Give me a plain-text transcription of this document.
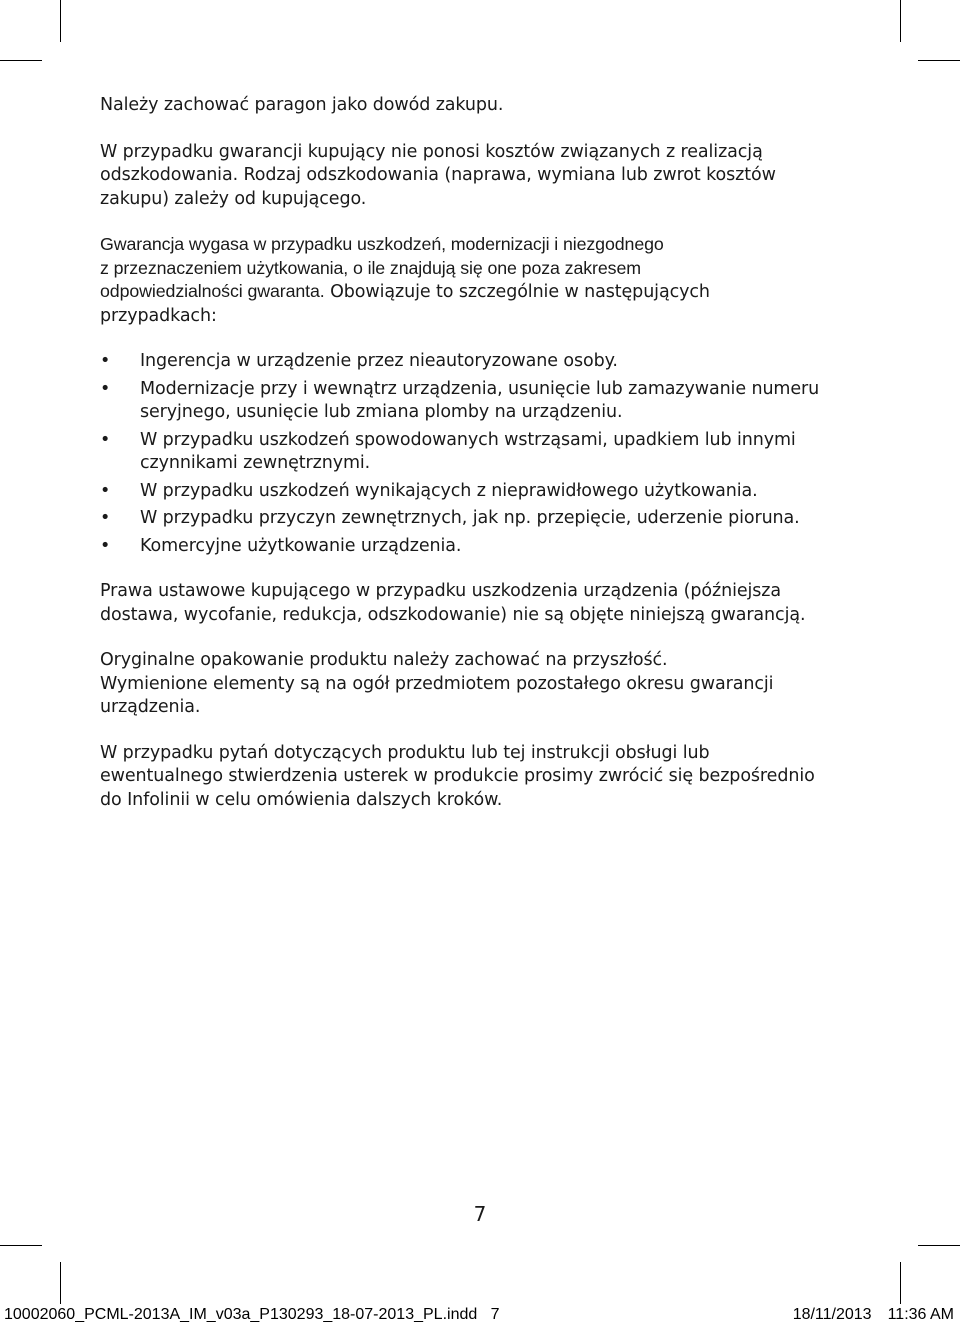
Należy zachować paragon jako dowód zakupu.
W przypadku gwarancji kupujący nie ponosi kosztów związanych z realizacją
odszkodowania. Rodzaj odszkodowania (naprawa, wymiana lub zwrot kosztów
zakupu) zależy od kupującego.
Gwarancja wygasa w przypadku uszkodzeń, modernizacji i niezgodnego
z przeznaczeniem użytkowania, o ile znajdują się one poza zakresem
odpowiedzialności gwaranta. Obowiązuje to szczególnie w następujących
przypadkach:
• Ingerencja w urządzenie przez nieautoryzowane osoby.
• Modernizacje przy i wewnątrz urządzenia, usunięcie lub zamazywanie numeru
seryjnego, usunięcie lub zmiana plomby na urządzeniu.
• W przypadku uszkodzeń spowodowanych wstrząsami, upadkiem lub innymi
czynnikami zewnętrznymi.
• W przypadku uszkodzeń wynikających z nieprawidłowego użytkowania.
• W przypadku przyczyn zewnętrznych, jak np. przepięcie, uderzenie pioruna.
• Komercyjne użytkowanie urządzenia.
Prawa ustawowe kupującego w przypadku uszkodzenia urządzenia (późniejsza
dostawa, wycofanie, redukcja, odszkodowanie) nie są objęte niniejszą gwarancją.
Oryginalne opakowanie produktu należy zachować na przyszłość.
Wymienione elementy są na ogół przedmiotem pozostałego okresu gwarancji
urządzenia.
W przypadku pytań dotyczących produktu lub tej instrukcji obsługi lub
ewentualnego stwierdzenia usterek w produkcie prosimy zwrócić się bezpośrednio
do Infolinii w celu omówienia dalszych kroków.
7
10002060_PCML-2013A_IM_v03a_P130293_18-07-2013_PL.indd   7	18/11/2013 11:36 AM
